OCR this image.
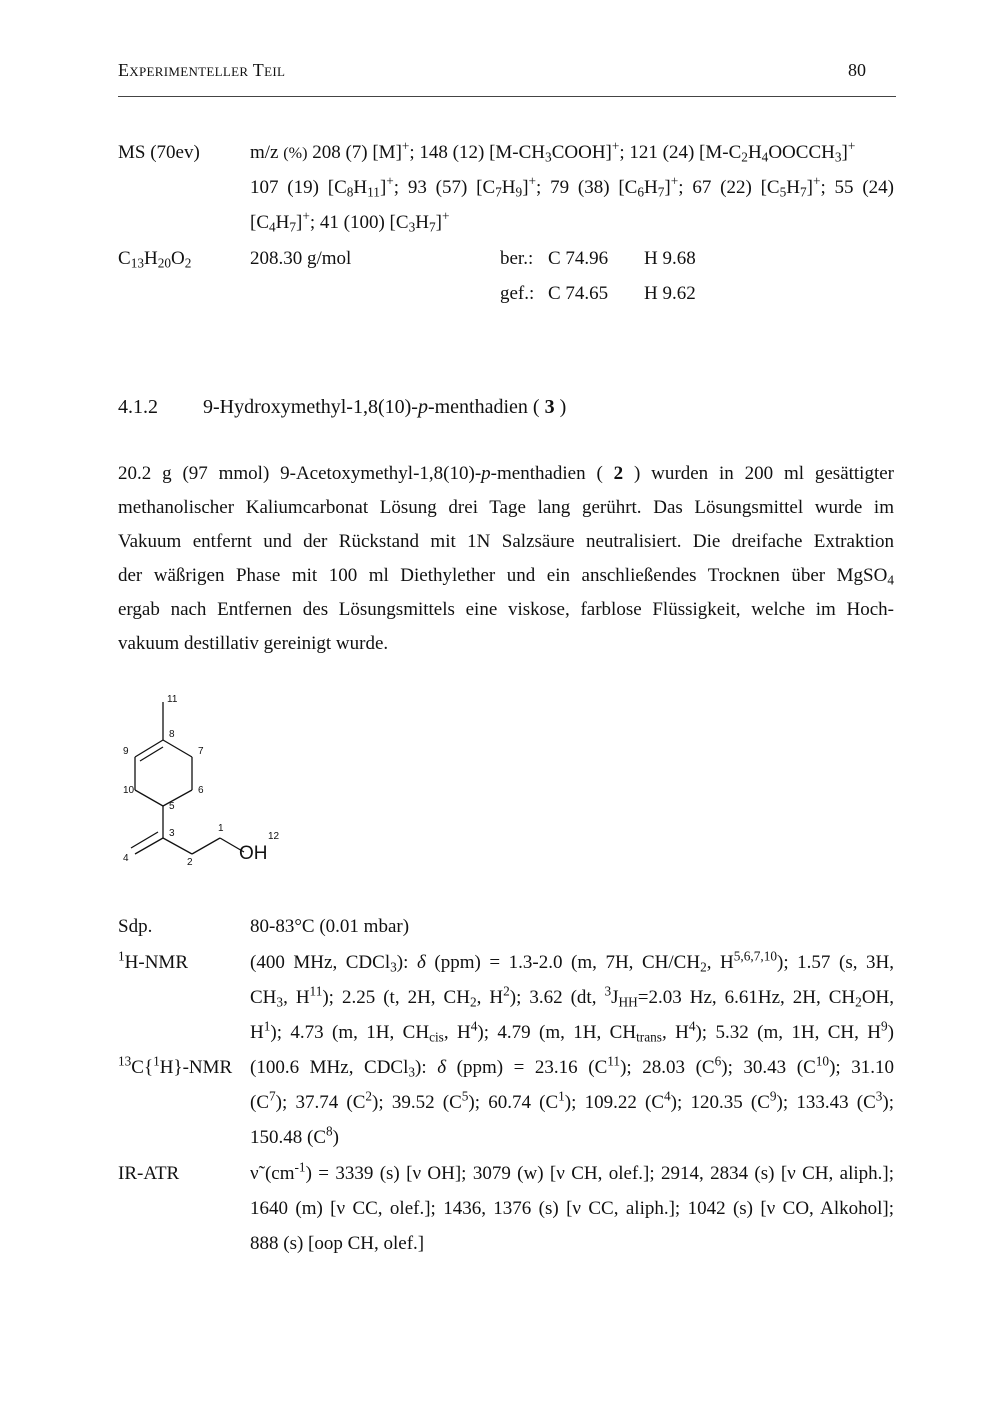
Experimenteller Teil	80
MS (70ev)	m/z (%) 208 (7) [M]+; 148 (12) $[M-CH_3COOH]^+$; 121 (24) $[M-C_2H_4OOCCH_3]^+$
107 (19) $[C_8H_{11}]^+$; 93 (57) $[C_7H_9]^+$; 79 (38) $[C_6H_7]^+$; 67 (22) $[C_5H_7]^+$; 55 (24)
$[C_4H_7]^+$; 41 (100) $[C_3H_7]^+$
$C_{13}H_{20}O_2$	208.30 g/mol	ber.: C 74.96 H 9.68
gef.: C 74.65 H 9.62
4.1.2 9-Hydroxymethyl-1,8(10)-p-menthadien ( 3 )
20.2 g (97 mmol) 9-Acetoxymethyl-1,8(10)-p-menthadien ( 2 ) wurden in 200 ml gesättigter
methanolischer Kaliumcarbonat Lösung drei Tage lang gerührt. Das Lösungsmittel wurde im
Vakuum entfernt und der Rückstand mit 1N Salzsäure neutralisiert. Die dreifache Extraktion
der wäßrigen Phase mit 100 ml Diethylether und ein anschließendes Trocknen über MgSO$_4$
ergab nach Entfernen des Lösungsmittels eine viskose, farblose Flüssigkeit, welche im Hoch-
vakuum destillativ gereinigt wurde.
11
8
9	7
10	6
5
3	1
12
4	2 OH
Sdp.	80-83°C (0.01 mbar)
$^1$H-NMR	(400 MHz, CDCl$_3$): δ (ppm) = 1.3-2.0 (m, 7H, $CH/CH_2$, H$^{5,6,7,10}$); 1.57 (s, 3H,
$CH_3$, $H^{11}$); 2.25 (t, 2H, $CH_2$, $H^2$); 3.62 (dt, $^3J_{HH}=2.03$ Hz, 6.61Hz, 2H, $CH_2OH$,
$H^1$); 4.73 (m, 1H, $CH_{cis}$, $H^4$); 4.79 (m, 1H, $CH_{trans}$, $H^4$); 5.32 (m, 1H, CH, $H^9$)
$^{13}$C{$^1$H}-NMR (100.6 MHz, CDCl$_3$): δ (ppm) = 23.16 $(C^{11})$; 28.03 $(C^6)$; 30.43 $(C^{10})$; 31.10
$(C^7)$; 37.74 $(C^2)$; 39.52 $(C^5)$; 60.74 $(C^1)$; 109.22 $(C^4)$; 120.35 $(C^9)$; 133.43 $(C^3)$;
150.48 $(C^8)$
IR-ATR	ν̃ $(cm^{-1}) = 3339$ (s) [ν OH]; 3079 (w) [ν CH, olef.]; 2914, 2834 (s) [ν CH, aliph.];
1640 (m) [ν CC, olef.]; 1436, 1376 (s) [ν CC, aliph.]; 1042 (s) [ν CO, Alkohol];
888 (s) [oop CH, olef.]
